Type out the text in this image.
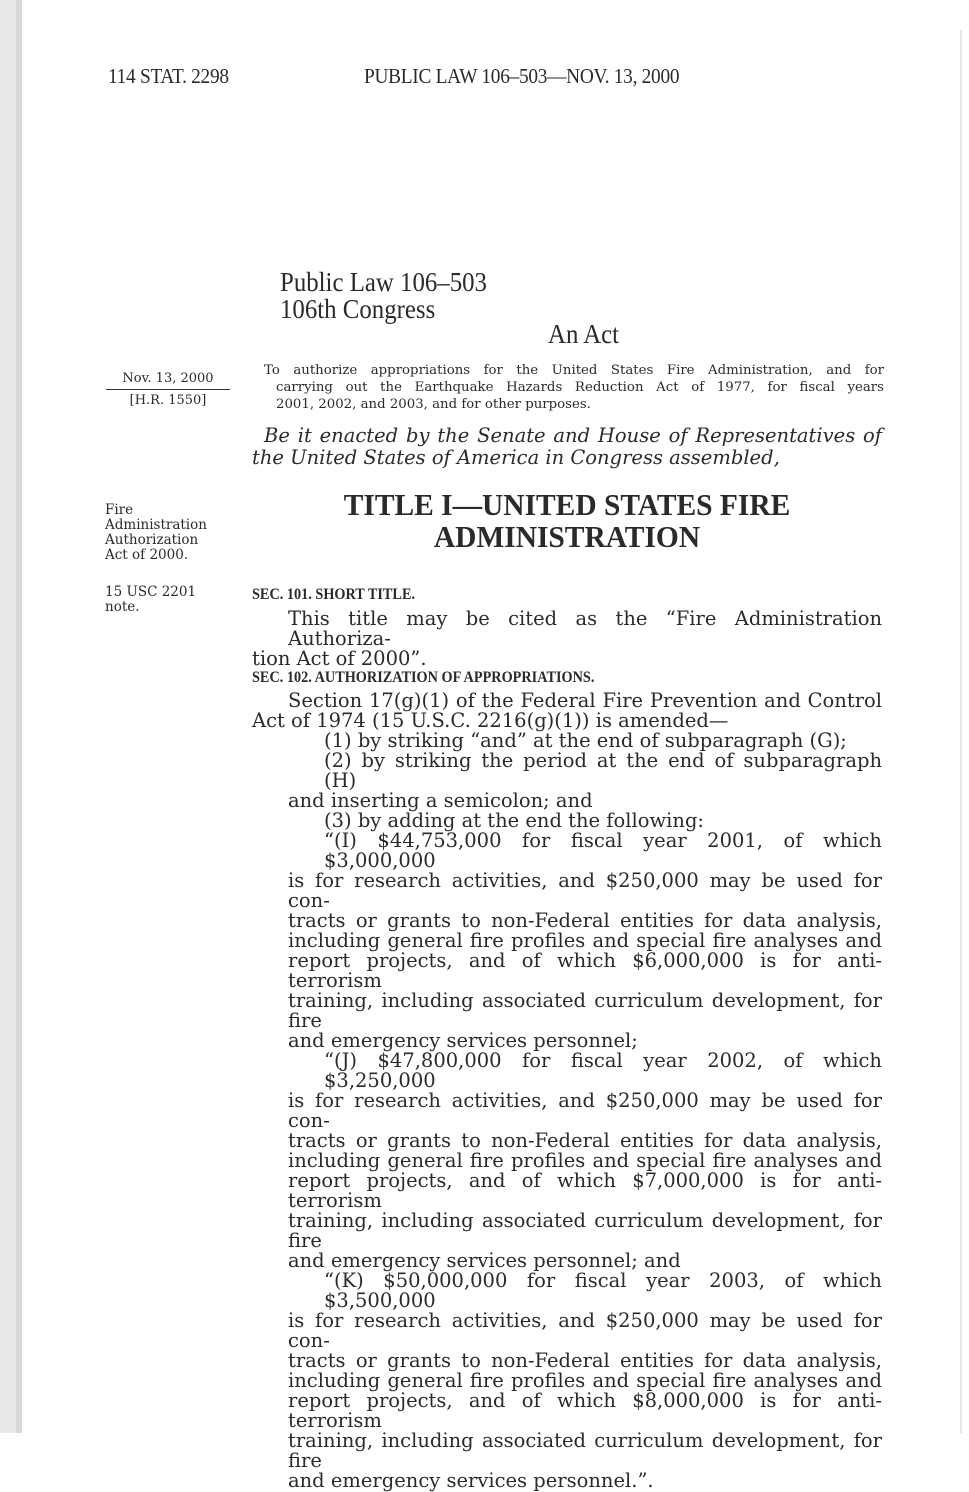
114 STAT. 2298	PUBLIC LAW 106–503—NOV. 13, 2000
Public Law 106–503
106th Congress
An Act
Nov. 13, 2000
[H.R. 1550]
To authorize appropriations for the United States Fire Administration, and for
carrying out the Earthquake Hazards Reduction Act of 1977, for fiscal years
2001, 2002, and 2003, and for other purposes.
Be it enacted by the Senate and House of Representatives of
the United States of America in Congress assembled,
Fire
Administration
Authorization
Act of 2000.
TITLE I—UNITED STATES FIRE
ADMINISTRATION
15 USC 2201
note.
SEC. 101. SHORT TITLE.
This title may be cited as the “Fire Administration Authoriza-
tion Act of 2000”.
SEC. 102. AUTHORIZATION OF APPROPRIATIONS.
Section 17(g)(1) of the Federal Fire Prevention and Control
Act of 1974 (15 U.S.C. 2216(g)(1)) is amended—
(1) by striking “and” at the end of subparagraph (G);
(2) by striking the period at the end of subparagraph (H)
and inserting a semicolon; and
(3) by adding at the end the following:
“(I) $44,753,000 for fiscal year 2001, of which $3,000,000
is for research activities, and $250,000 may be used for con-
tracts or grants to non-Federal entities for data analysis,
including general fire profiles and special fire analyses and
report projects, and of which $6,000,000 is for anti-terrorism
training, including associated curriculum development, for fire
and emergency services personnel;
“(J) $47,800,000 for fiscal year 2002, of which $3,250,000
is for research activities, and $250,000 may be used for con-
tracts or grants to non-Federal entities for data analysis,
including general fire profiles and special fire analyses and
report projects, and of which $7,000,000 is for anti-terrorism
training, including associated curriculum development, for fire
and emergency services personnel; and
“(K) $50,000,000 for fiscal year 2003, of which $3,500,000
is for research activities, and $250,000 may be used for con-
tracts or grants to non-Federal entities for data analysis,
including general fire profiles and special fire analyses and
report projects, and of which $8,000,000 is for anti-terrorism
training, including associated curriculum development, for fire
and emergency services personnel.”.
